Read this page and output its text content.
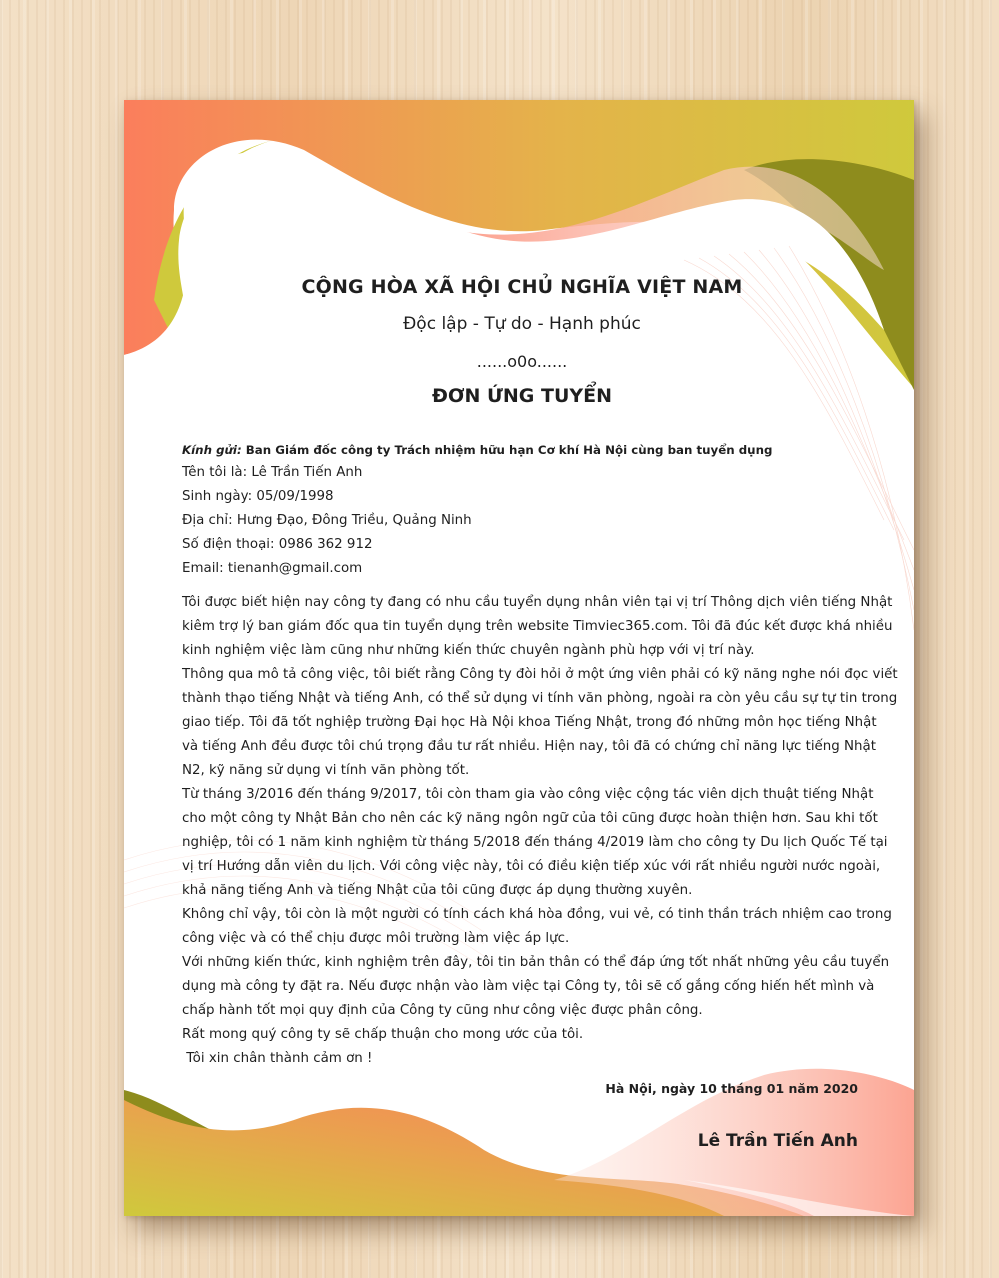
CỘNG HÒA XÃ HỘI CHỦ NGHĨA VIỆT NAM
Độc lập - Tự do - Hạnh phúc
......o0o......
ĐƠN ỨNG TUYỂN
Kính gửi: Ban Giám đốc công ty Trách nhiệm hữu hạn Cơ khí Hà Nội cùng ban tuyển dụng
Tên tôi là: Lê Trần Tiến Anh
Sinh ngày: 05/09/1998
Địa chỉ: Hưng Đạo, Đông Triều, Quảng Ninh
Số điện thoại: 0986 362 912
Email: tienanh@gmail.com
Tôi được biết hiện nay công ty đang có nhu cầu tuyển dụng nhân viên tại vị trí Thông dịch viên tiếng Nhật
kiêm trợ lý ban giám đốc qua tin tuyển dụng trên website Timviec365.com. Tôi đã đúc kết được khá nhiều
kinh nghiệm việc làm cũng như những kiến thức chuyên ngành phù hợp với vị trí này.
Thông qua mô tả công việc, tôi biết rằng Công ty đòi hỏi ở một ứng viên phải có kỹ năng nghe nói đọc viết
thành thạo tiếng Nhật và tiếng Anh, có thể sử dụng vi tính văn phòng, ngoài ra còn yêu cầu sự tự tin trong
giao tiếp. Tôi đã tốt nghiệp trường Đại học Hà Nội khoa Tiếng Nhật, trong đó những môn học tiếng Nhật
và tiếng Anh đều được tôi chú trọng đầu tư rất nhiều. Hiện nay, tôi đã có chứng chỉ năng lực tiếng Nhật
N2, kỹ năng sử dụng vi tính văn phòng tốt.
Từ tháng 3/2016 đến tháng 9/2017, tôi còn tham gia vào công việc cộng tác viên dịch thuật tiếng Nhật
cho một công ty Nhật Bản cho nên các kỹ năng ngôn ngữ của tôi cũng được hoàn thiện hơn. Sau khi tốt
nghiệp, tôi có 1 năm kinh nghiệm từ tháng 5/2018 đến tháng 4/2019 làm cho công ty Du lịch Quốc Tế tại
vị trí Hướng dẫn viên du lịch. Với công việc này, tôi có điều kiện tiếp xúc với rất nhiều người nước ngoài,
khả năng tiếng Anh và tiếng Nhật của tôi cũng được áp dụng thường xuyên.
Không chỉ vậy, tôi còn là một người có tính cách khá hòa đồng, vui vẻ, có tinh thần trách nhiệm cao trong
công việc và có thể chịu được môi trường làm việc áp lực.
Với những kiến thức, kinh nghiệm trên đây, tôi tin bản thân có thể đáp ứng tốt nhất những yêu cầu tuyển
dụng mà công ty đặt ra. Nếu được nhận vào làm việc tại Công ty, tôi sẽ cố gắng cống hiến hết mình và
chấp hành tốt mọi quy định của Công ty cũng như công việc được phân công.
Rất mong quý công ty sẽ chấp thuận cho mong ước của tôi.
Tôi xin chân thành cảm ơn !
Hà Nội, ngày 10 tháng 01 năm 2020
Lê Trần Tiến Anh
